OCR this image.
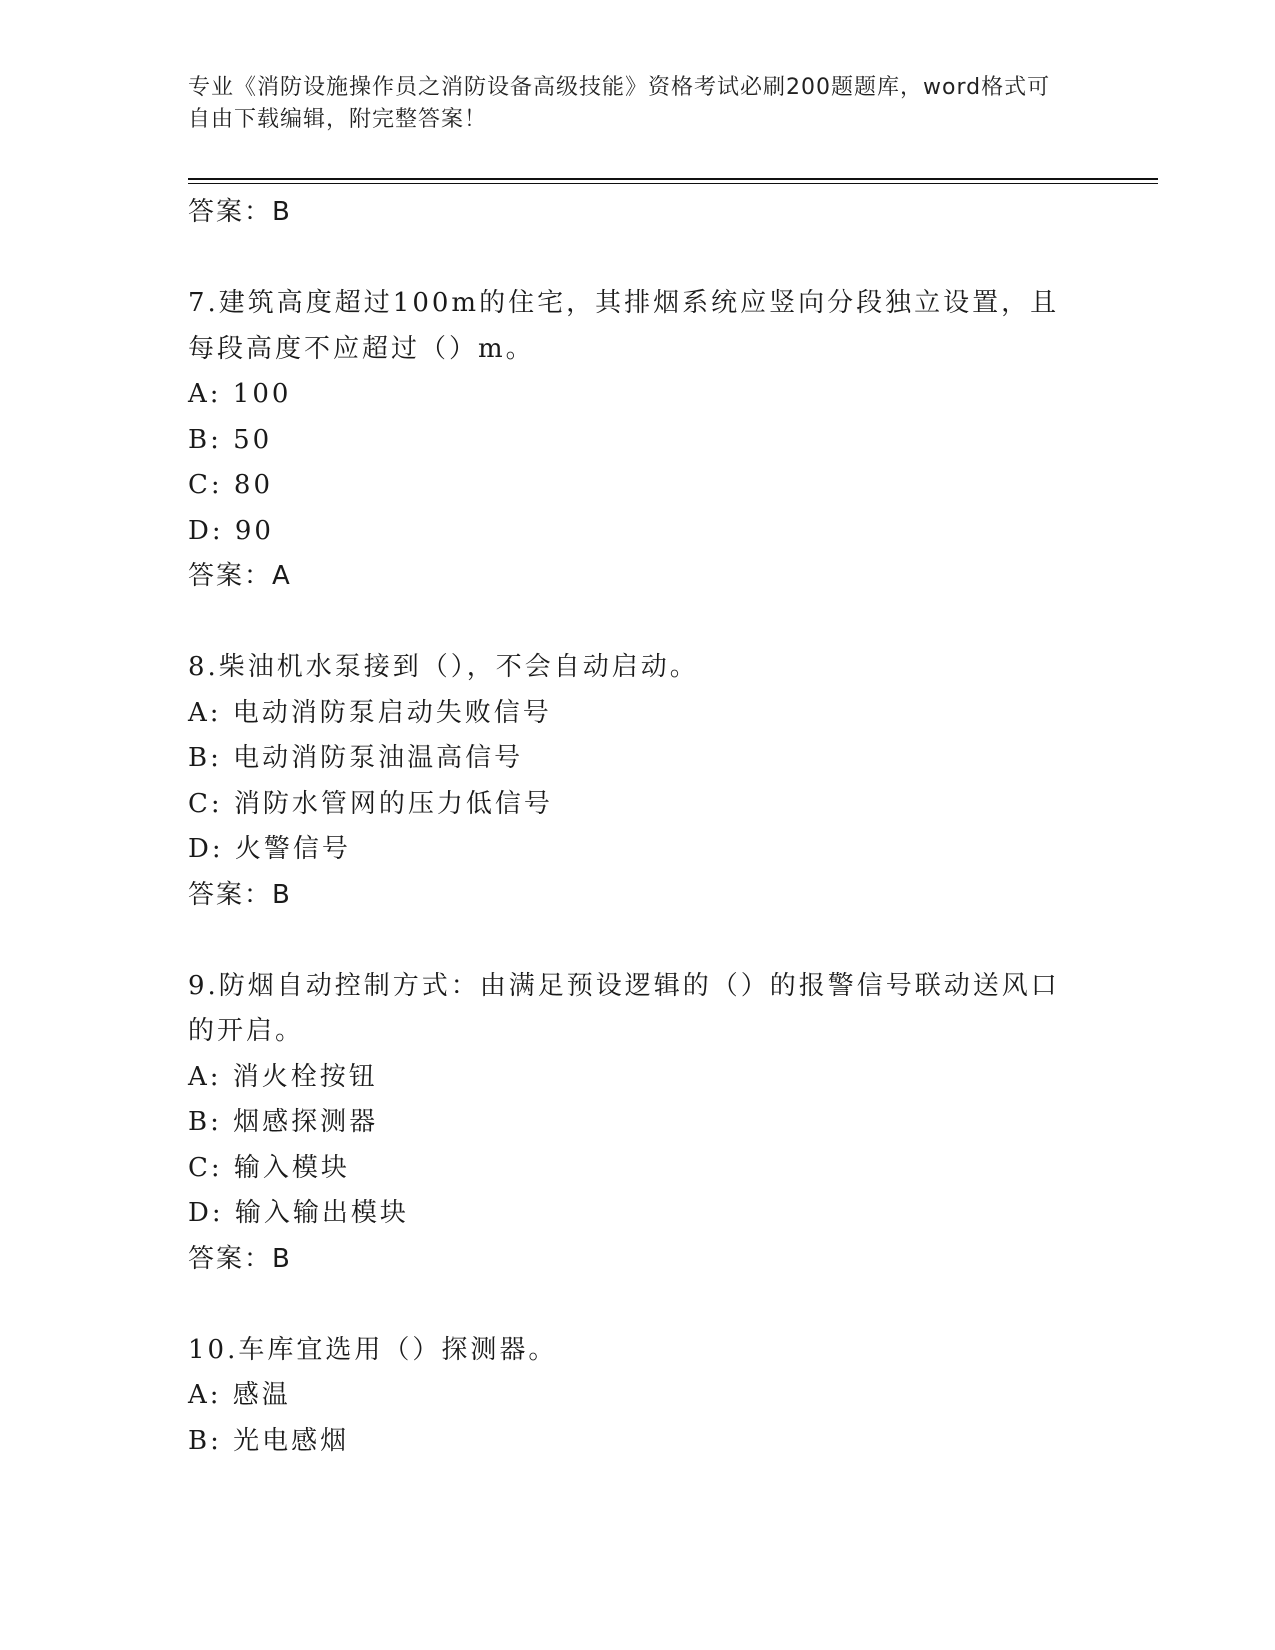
专业《消防设施操作员之消防设备高级技能》资格考试必刷200题题库，word格式可自由下载编辑，附完整答案！
答案：B
7.建筑高度超过100m的住宅，其排烟系统应竖向分段独立设置，且每段高度不应超过（）m。
A: 100
B: 50
C: 80
D: 90
答案：A
8.柴油机水泵接到（），不会自动启动。
A: 电动消防泵启动失败信号
B: 电动消防泵油温高信号
C: 消防水管网的压力低信号
D: 火警信号
答案：B
9.防烟自动控制方式：由满足预设逻辑的（）的报警信号联动送风口的开启。
A: 消火栓按钮
B: 烟感探测器
C: 输入模块
D: 输入输出模块
答案：B
10.车库宜选用（）探测器。
A: 感温
B: 光电感烟
